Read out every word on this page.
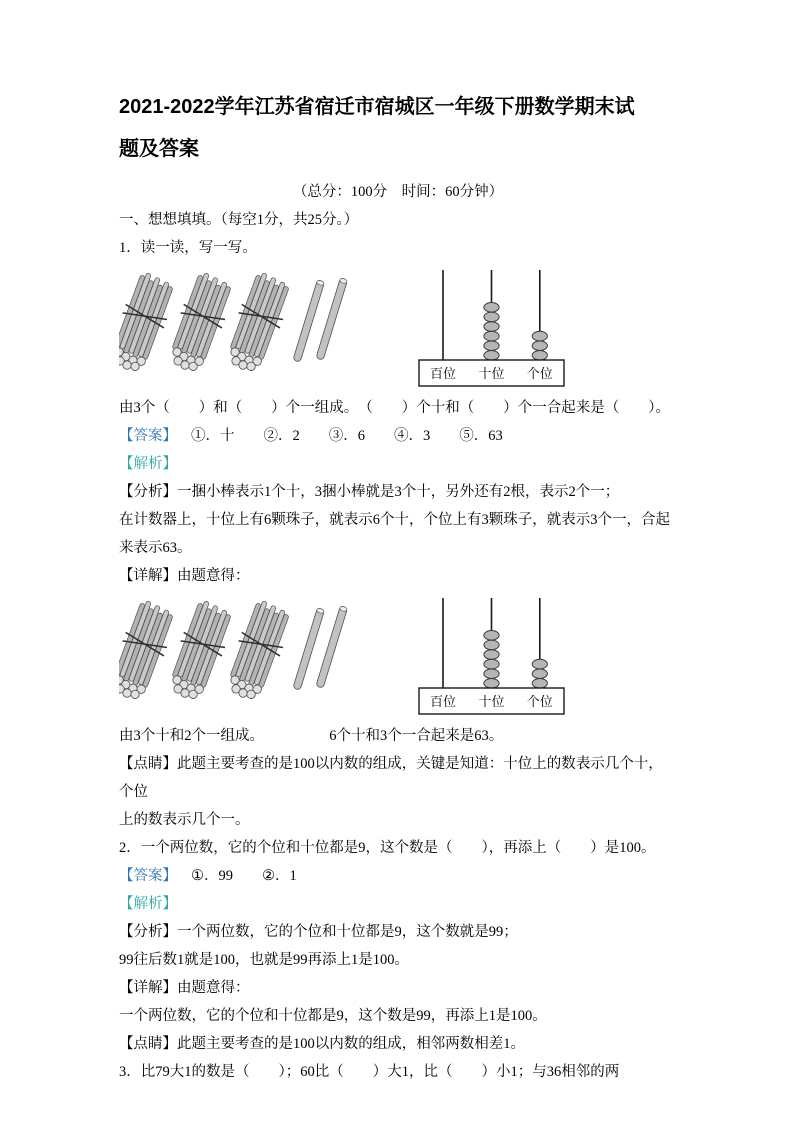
2021-2022学年江苏省宿迁市宿城区一年级下册数学期末试
题及答案

（总分：100分　时间：60分钟）

一、想想填填。（每空1分，共25分。）

1．读一读，写一写。

百位 十位 个位

由3个（　　）和（　　）个一组成。　（　　）个十和（　　）个一合起来是（　　）。

【答案】 ①．十　　②．2　　③．6　　④．3　　⑤．63

【解析】

【分析】一捆小棒表示1个十，3捆小棒就是3个十，另外还有2根，表示2个一；

在计数器上，十位上有6颗珠子，就表示6个十，个位上有3颗珠子，就表示3个一，合起

来表示63。

【详解】由题意得：

百位 十位 个位

由3个十和2个一组成。　　　　　6个十和3个一合起来是63。

【点睛】此题主要考查的是100以内数的组成，关键是知道：十位上的数表示几个十，个位

上的数表示几个一。

2．一个两位数，它的个位和十位都是9，这个数是（　　），再添上（　　）是100。

【答案】 ①．99　　②．1

【解析】

【分析】一个两位数，它的个位和十位都是9，这个数就是99；

99往后数1就是100，也就是99再添上1是100。

【详解】由题意得：

一个两位数，它的个位和十位都是9，这个数是99，再添上1是100。

【点睛】此题主要考查的是100以内数的组成，相邻两数相差1。

3．比79大1的数是（　　）；60比（　　）大1，比（　　）小1；与36相邻的两
